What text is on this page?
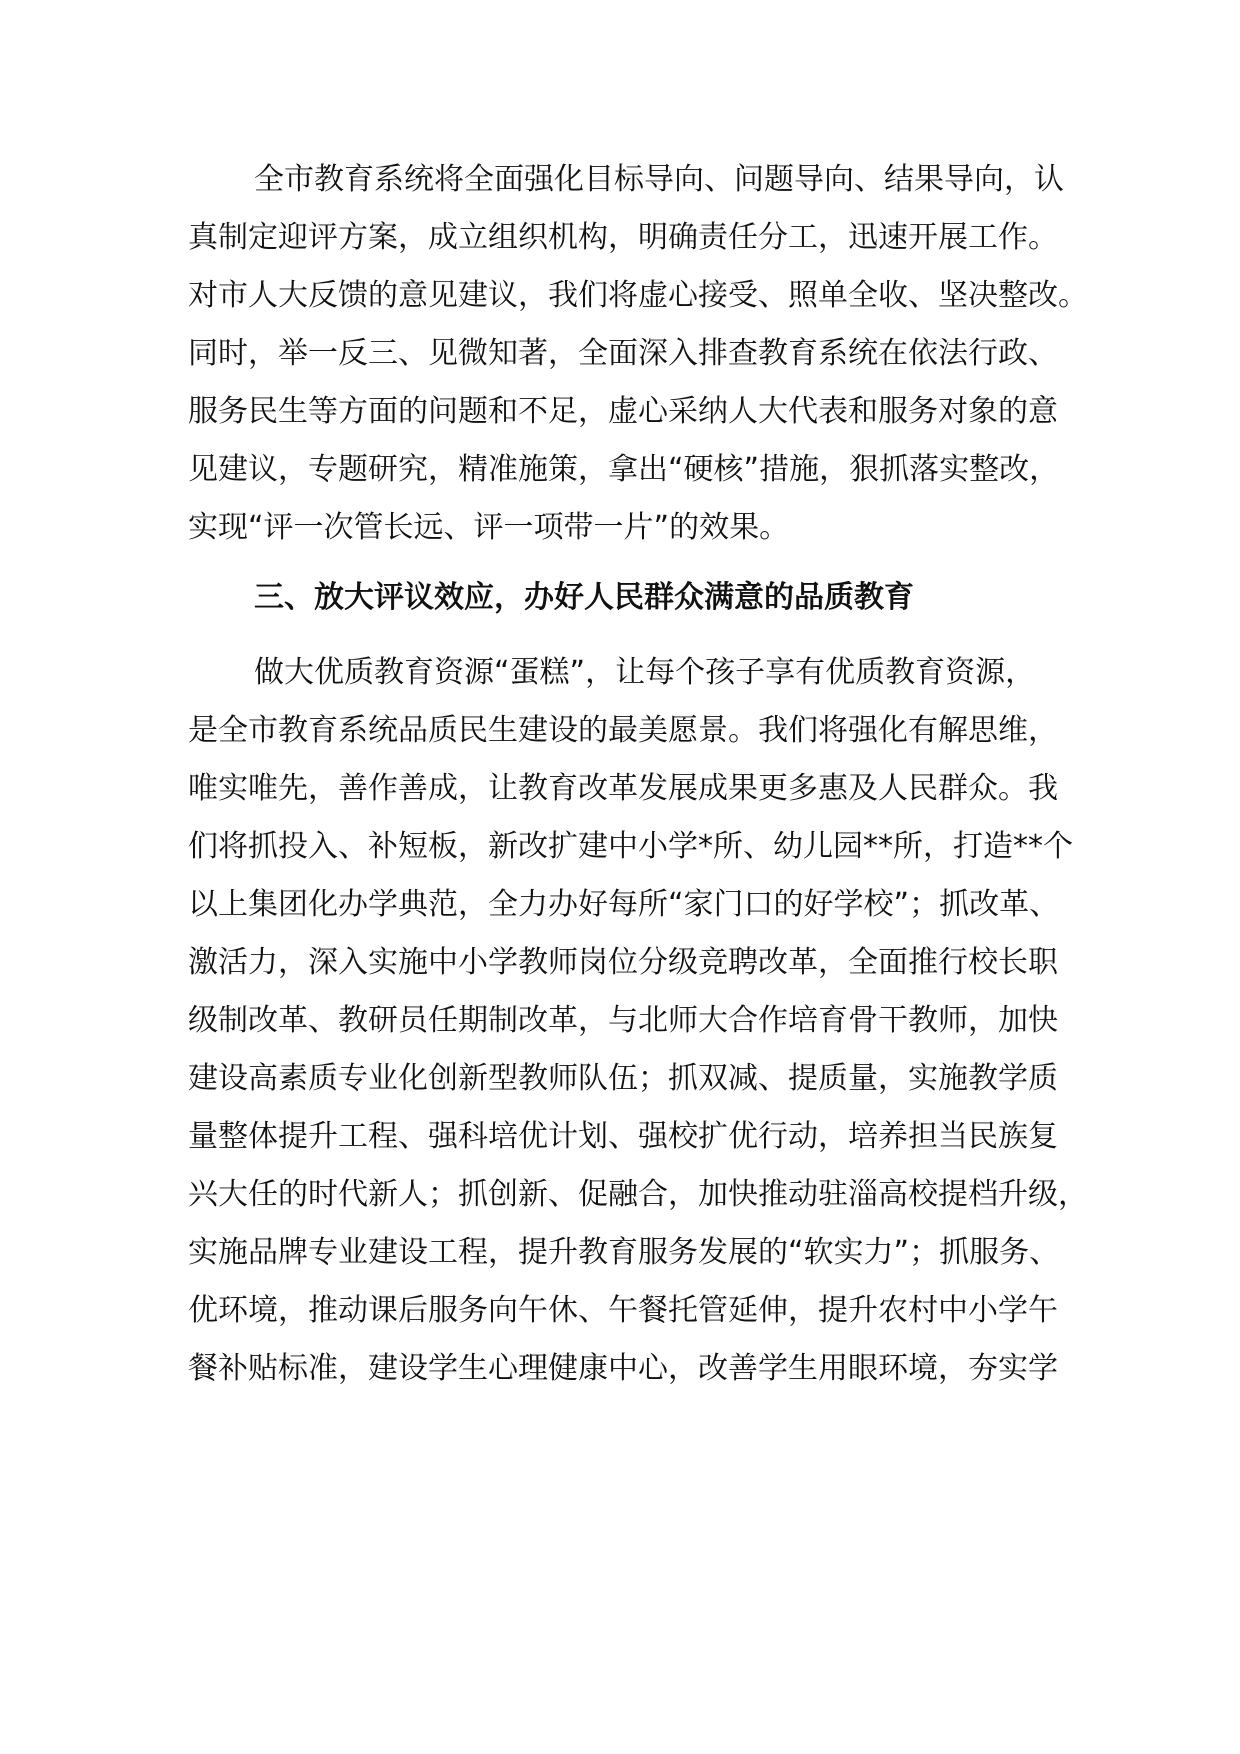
全市教育系统将全面强化目标导向、问题导向、结果导向，认
真制定迎评方案，成立组织机构，明确责任分工，迅速开展工作。
对市人大反馈的意见建议，我们将虚心接受、照单全收、坚决整改。
同时，举一反三、见微知著，全面深入排查教育系统在依法行政、
服务民生等方面的问题和不足，虚心采纳人大代表和服务对象的意
见建议，专题研究，精准施策，拿出“硬核”措施，狠抓落实整改，
实现“评一次管长远、评一项带一片”的效果。
三、放大评议效应，办好人民群众满意的品质教育
做大优质教育资源“蛋糕”，让每个孩子享有优质教育资源，
是全市教育系统品质民生建设的最美愿景。我们将强化有解思维，
唯实唯先，善作善成，让教育改革发展成果更多惠及人民群众。我
们将抓投入、补短板，新改扩建中小学*所、幼儿园**所，打造**个
以上集团化办学典范，全力办好每所“家门口的好学校”；抓改革、
激活力，深入实施中小学教师岗位分级竞聘改革，全面推行校长职
级制改革、教研员任期制改革，与北师大合作培育骨干教师，加快
建设高素质专业化创新型教师队伍；抓双减、提质量，实施教学质
量整体提升工程、强科培优计划、强校扩优行动，培养担当民族复
兴大任的时代新人；抓创新、促融合，加快推动驻淄高校提档升级，
实施品牌专业建设工程，提升教育服务发展的“软实力”；抓服务、
优环境，推动课后服务向午休、午餐托管延伸，提升农村中小学午
餐补贴标准，建设学生心理健康中心，改善学生用眼环境，夯实学
